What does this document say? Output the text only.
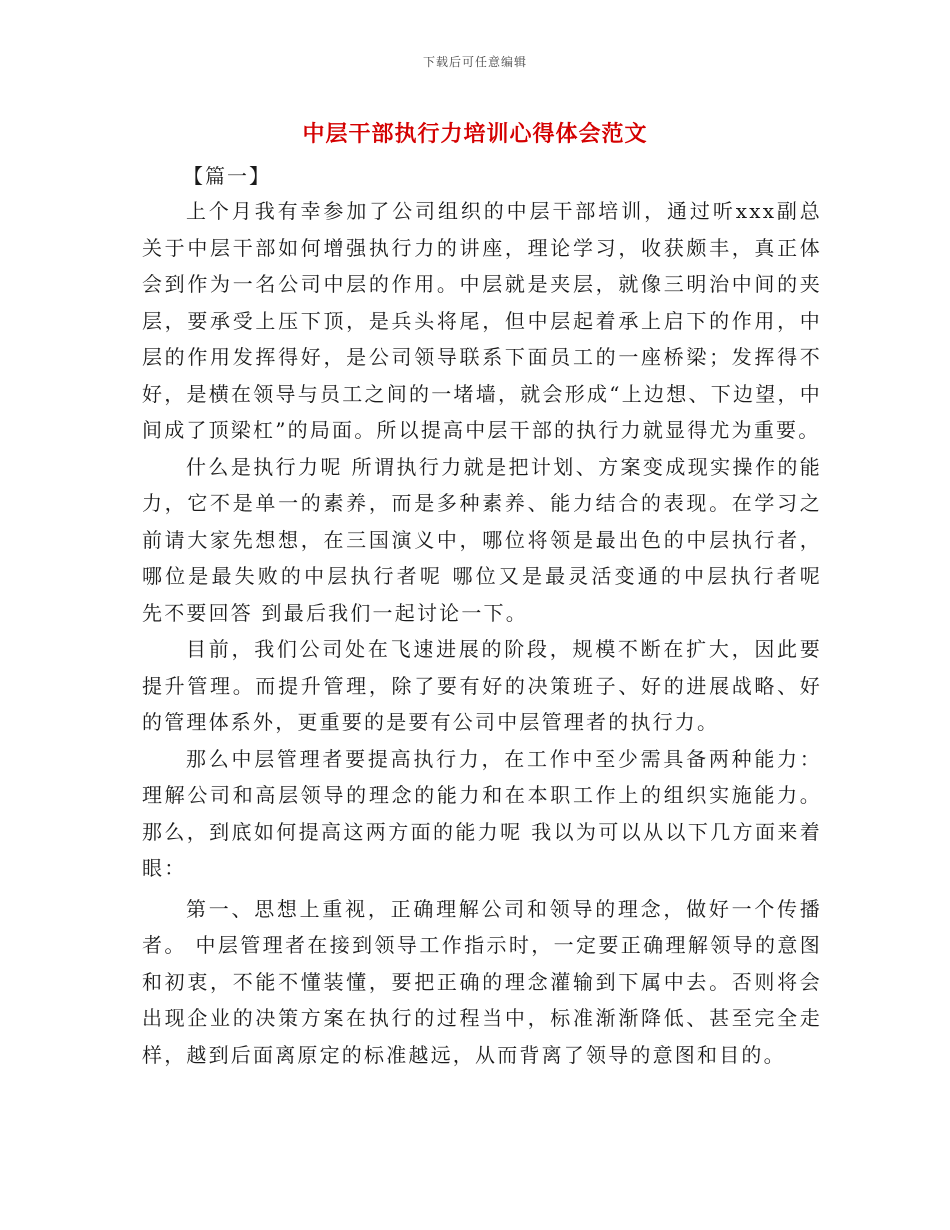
下载后可任意编辑
中层干部执行力培训心得体会范文
【篇一】

上个月我有幸参加了公司组织的中层干部培训，通过听xxx副总关于中层干部如何增强执行力的讲座，理论学习，收获颇丰，真正体会到作为一名公司中层的作用。中层就是夹层，就像三明治中间的夹层，要承受上压下顶，是兵头将尾，但中层起着承上启下的作用，中层的作用发挥得好，是公司领导联系下面员工的一座桥梁；发挥得不好，是横在领导与员工之间的一堵墙，就会形成“上边想、下边望，中间成了顶梁杠”的局面。所以提高中层干部的执行力就显得尤为重要。

什么是执行力呢 所谓执行力就是把计划、方案变成现实操作的能力，它不是单一的素养，而是多种素养、能力结合的表现。在学习之前请大家先想想，在三国演义中，哪位将领是最出色的中层执行者，哪位是最失败的中层执行者呢 哪位又是最灵活变通的中层执行者呢 先不要回答 到最后我们一起讨论一下。

目前，我们公司处在飞速进展的阶段，规模不断在扩大，因此要提升管理。而提升管理，除了要有好的决策班子、好的进展战略、好的管理体系外，更重要的是要有公司中层管理者的执行力。

那么中层管理者要提高执行力，在工作中至少需具备两种能力：理解公司和高层领导的理念的能力和在本职工作上的组织实施能力。那么，到底如何提高这两方面的能力呢 我以为可以从以下几方面来着眼：

第一、思想上重视，正确理解公司和领导的理念，做好一个传播者。 中层管理者在接到领导工作指示时，一定要正确理解领导的意图和初衷，不能不懂装懂，要把正确的理念灌输到下属中去。否则将会出现企业的决策方案在执行的过程当中，标准渐渐降低、甚至完全走样，越到后面离原定的标准越远，从而背离了领导的意图和目的。
